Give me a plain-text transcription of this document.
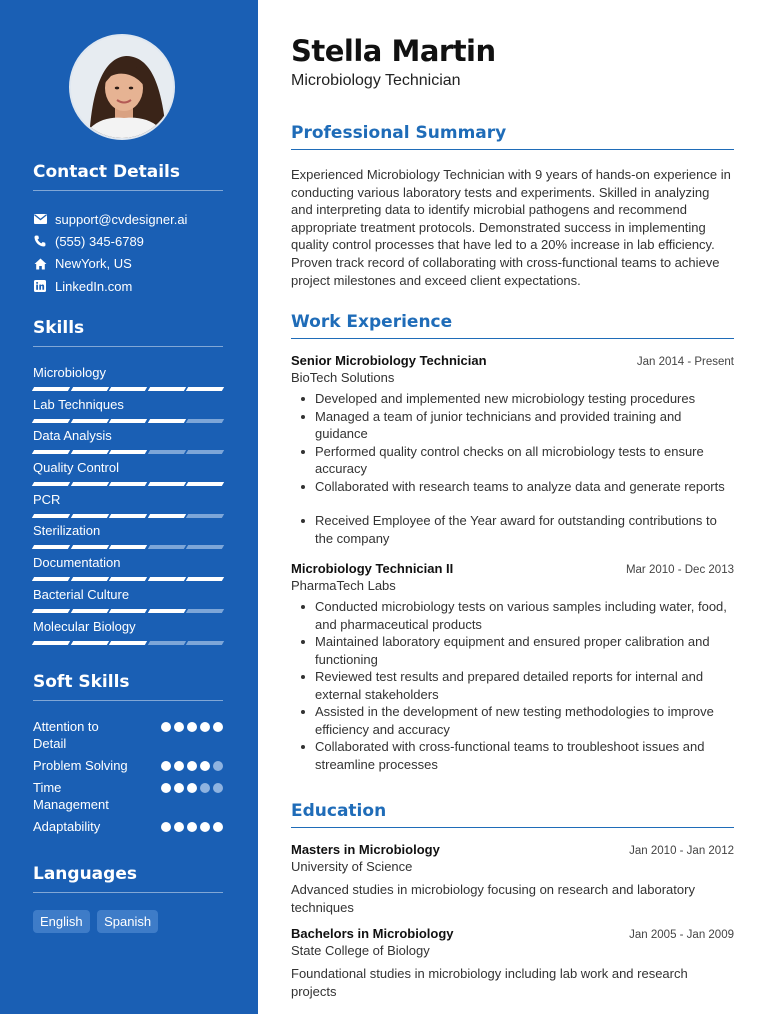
Contact Details
support@cvdesigner.ai
(555) 345-6789
NewYork, US
LinkedIn.com
Skills
Microbiology
Lab Techniques
Data Analysis
Quality Control
PCR
Sterilization
Documentation
Bacterial Culture
Molecular Biology
Soft Skills
Attention to Detail
Problem Solving
Time Management
Adaptability
Languages
English Spanish
Stella Martin
Microbiology Technician
Professional Summary

Experienced Microbiology Technician with 9 years of hands-on experience in conducting various laboratory tests and experiments. Skilled in analyzing and interpreting data to identify microbial pathogens and recommend appropriate treatment protocols. Demonstrated success in implementing quality control processes that have led to a 20% increase in lab efficiency. Proven track record of collaborating with cross-functional teams to achieve project milestones and exceed client expectations.

Work Experience
Senior Microbiology Technician	Jan 2014 - Present
BioTech Solutions
Developed and implemented new microbiology testing procedures
Managed a team of junior technicians and provided training and guidance
Performed quality control checks on all microbiology tests to ensure accuracy
Collaborated with research teams to analyze data and generate reports
Received Employee of the Year award for outstanding contributions to the company
Microbiology Technician II	Mar 2010 - Dec 2013
PharmaTech Labs
Conducted microbiology tests on various samples including water, food, and pharmaceutical products
Maintained laboratory equipment and ensured proper calibration and functioning
Reviewed test results and prepared detailed reports for internal and external stakeholders
Assisted in the development of new testing methodologies to improve efficiency and accuracy
Collaborated with cross-functional teams to troubleshoot issues and streamline processes
Education
Masters in Microbiology	Jan 2010 - Jan 2012
University of Science

Advanced studies in microbiology focusing on research and laboratory techniques

Bachelors in Microbiology	Jan 2005 - Jan 2009
State College of Biology

Foundational studies in microbiology including lab work and research projects
